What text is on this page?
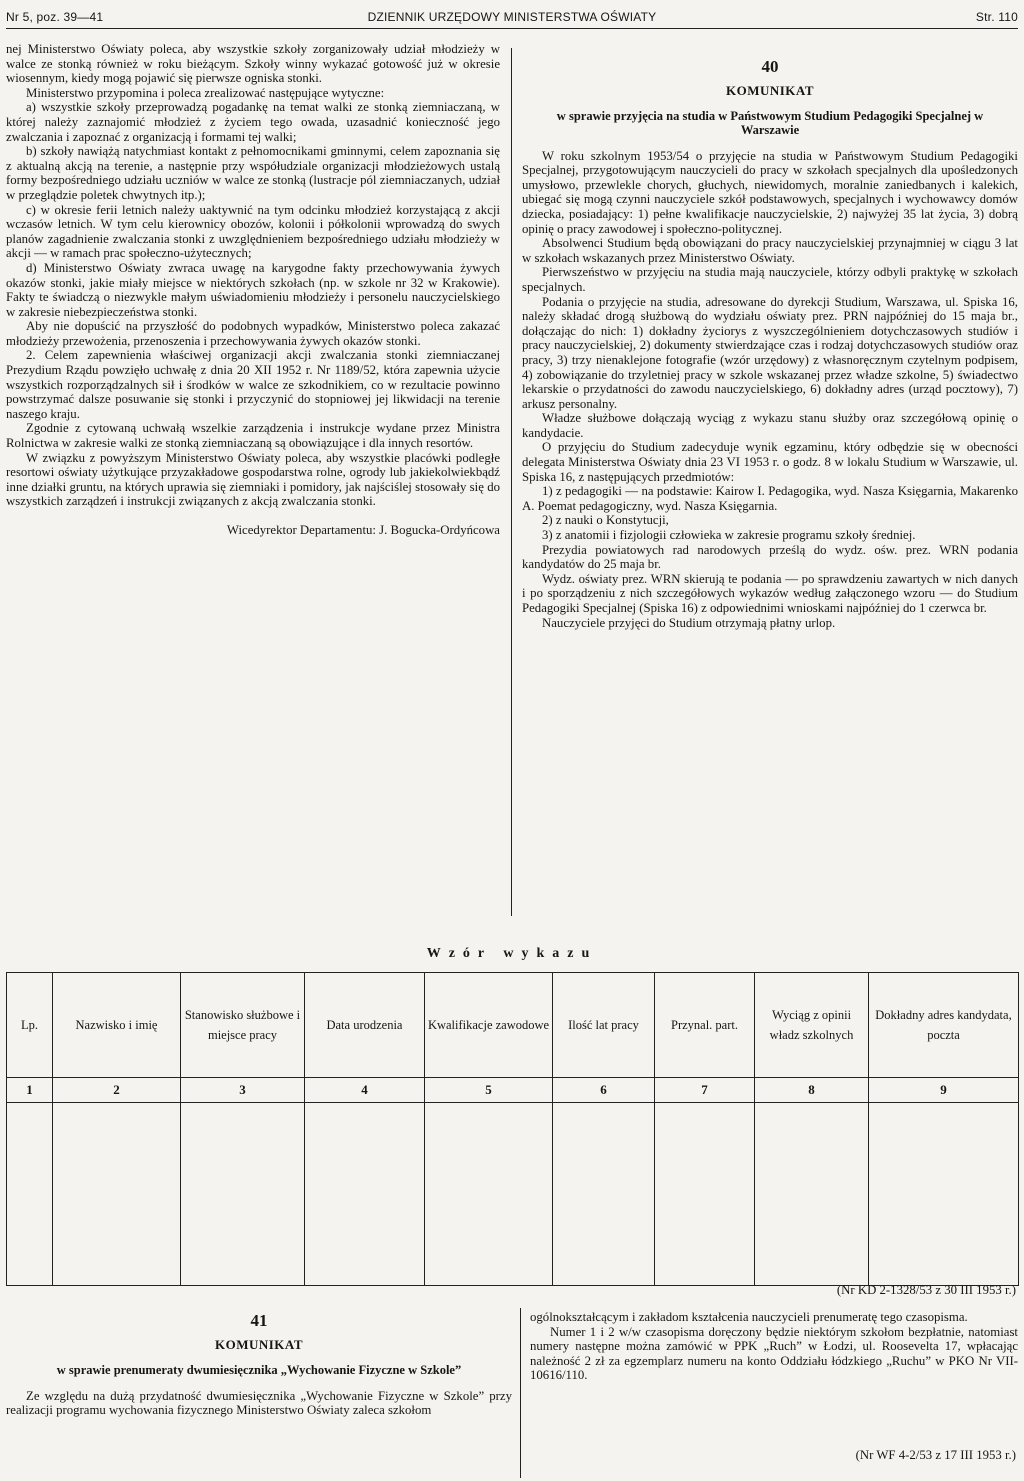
Nr 5, poz. 39—41	DZIENNIK URZĘDOWY MINISTERSTWA OŚWIATY	Str. 110

nej Ministerstwo Oświaty poleca, aby wszystkie szkoły zorganizowały udział młodzieży w walce ze stonką również w roku bieżącym. Szkoły winny wykazać gotowość już w okresie wiosennym, kiedy mogą pojawić się pierwsze ogniska stonki.

Ministerstwo przypomina i poleca zrealizować następujące wytyczne:

a) wszystkie szkoły przeprowadzą pogadankę na temat walki ze stonką ziemniaczaną, w której należy zaznajomić młodzież z życiem tego owada, uzasadnić konieczność jego zwalczania i zapoznać z organizacją i formami tej walki;

b) szkoły nawiążą natychmiast kontakt z pełnomocnikami gminnymi, celem zapoznania się z aktualną akcją na terenie, a następnie przy współudziale organizacji młodzieżowych ustalą formy bezpośredniego udziału uczniów w walce ze stonką (lustracje pól ziemniaczanych, udział w przeglądzie poletek chwytnych itp.);

c) w okresie ferii letnich należy uaktywnić na tym odcinku młodzież korzystającą z akcji wczasów letnich. W tym celu kierownicy obozów, kolonii i półkolonii wprowadzą do swych planów zagadnienie zwalczania stonki z uwzględnieniem bezpośredniego udziału młodzieży w akcji — w ramach prac społeczno-użytecznych;

d) Ministerstwo Oświaty zwraca uwagę na karygodne fakty przechowywania żywych okazów stonki, jakie miały miejsce w niektórych szkołach (np. w szkole nr 32 w Krakowie). Fakty te świadczą o niezwykle małym uświadomieniu młodzieży i personelu nauczycielskiego w zakresie niebezpieczeństwa stonki.

Aby nie dopuścić na przyszłość do podobnych wypadków, Ministerstwo poleca zakazać młodzieży przewożenia, przenoszenia i przechowywania żywych okazów stonki.

2. Celem zapewnienia właściwej organizacji akcji zwalczania stonki ziemniaczanej Prezydium Rządu powzięło uchwałę z dnia 20 XII 1952 r. Nr 1189/52, która zapewnia użycie wszystkich rozporządzalnych sił i środków w walce ze szkodnikiem, co w rezultacie powinno powstrzymać dalsze posuwanie się stonki i przyczynić do stopniowej jej likwidacji na terenie naszego kraju.

Zgodnie z cytowaną uchwałą wszelkie zarządzenia i instrukcje wydane przez Ministra Rolnictwa w zakresie walki ze stonką ziemniaczaną są obowiązujące i dla innych resortów.

W związku z powyższym Ministerstwo Oświaty poleca, aby wszystkie placówki podległe resortowi oświaty użytkujące przyzakładowe gospodarstwa rolne, ogrody lub jakiekolwiekbądź inne działki gruntu, na których uprawia się ziemniaki i pomidory, jak najściślej stosowały się do wszystkich zarządzeń i instrukcji związanych z akcją zwalczania stonki.

Wicedyrektor Departamentu: J. Bogucka-Ordyńcowa

40
KOMUNIKAT
w sprawie przyjęcia na studia w Państwowym Studium Pedagogiki Specjalnej w Warszawie

W roku szkolnym 1953/54 o przyjęcie na studia w Państwowym Studium Pedagogiki Specjalnej, przygotowującym nauczycieli do pracy w szkołach specjalnych dla upośledzonych umysłowo, przewlekle chorych, głuchych, niewidomych, moralnie zaniedbanych i kalekich, ubiegać się mogą czynni nauczyciele szkół podstawowych, specjalnych i wychowawcy domów dziecka, posiadający: 1) pełne kwalifikacje nauczycielskie, 2) najwyżej 35 lat życia, 3) dobrą opinię o pracy zawodowej i społeczno-politycznej.

Absolwenci Studium będą obowiązani do pracy nauczycielskiej przynajmniej w ciągu 3 lat w szkołach wskazanych przez Ministerstwo Oświaty.

Pierwszeństwo w przyjęciu na studia mają nauczyciele, którzy odbyli praktykę w szkołach specjalnych.

Podania o przyjęcie na studia, adresowane do dyrekcji Studium, Warszawa, ul. Spiska 16, należy składać drogą służbową do wydziału oświaty prez. PRN najpóźniej do 15 maja br., dołączając do nich: 1) dokładny życiorys z wyszczególnieniem dotychczasowych studiów i pracy nauczycielskiej, 2) dokumenty stwierdzające czas i rodzaj dotychczasowych studiów oraz pracy, 3) trzy nienaklejone fotografie (wzór urzędowy) z własnoręcznym czytelnym podpisem, 4) zobowiązanie do trzyletniej pracy w szkole wskazanej przez władze szkolne, 5) świadectwo lekarskie o przydatności do zawodu nauczycielskiego, 6) dokładny adres (urząd pocztowy), 7) arkusz personalny.

Władze służbowe dołączają wyciąg z wykazu stanu służby oraz szczegółową opinię o kandydacie.

O przyjęciu do Studium zadecyduje wynik egzaminu, który odbędzie się w obecności delegata Ministerstwa Oświaty dnia 23 VI 1953 r. o godz. 8 w lokalu Studium w Warszawie, ul. Spiska 16, z następujących przedmiotów:

1) z pedagogiki — na podstawie: Kairow I. Pedagogika, wyd. Nasza Księgarnia, Makarenko A. Poemat pedagogiczny, wyd. Nasza Księgarnia.

2) z nauki o Konstytucji,

3) z anatomii i fizjologii człowieka w zakresie programu szkoły średniej.

Prezydia powiatowych rad narodowych prześlą do wydz. ośw. prez. WRN podania kandydatów do 25 maja br.

Wydz. oświaty prez. WRN skierują te podania — po sprawdzeniu zawartych w nich danych i po sporządzeniu z nich szczegółowych wykazów według załączonego wzoru — do Studium Pedagogiki Specjalnej (Spiska 16) z odpowiednimi wnioskami najpóźniej do 1 czerwca br.

Nauczyciele przyjęci do Studium otrzymają płatny urlop.

Wzór wykazu
Lp.	Nazwisko i imię	Stanowisko służbowe i miejsce pracy	Data urodzenia	Kwalifikacje zawodowe	Ilość lat pracy	Przynal. part.	Wyciąg z opinii władz szkolnych	Dokładny adres kandydata, poczta
1	2	3	4	5	6	7	8	9

(Nr KD 2-1328/53 z 30 III 1953 r.)
41
KOMUNIKAT
w sprawie prenumeraty dwumiesięcznika „Wychowanie Fizyczne w Szkole”

Ze względu na dużą przydatność dwumiesięcznika „Wychowanie Fizyczne w Szkole” przy realizacji programu wychowania fizycznego Ministerstwo Oświaty zaleca szkołom

ogólnokształcącym i zakładom kształcenia nauczycieli prenumeratę tego czasopisma.

Numer 1 i 2 w/w czasopisma doręczony będzie niektórym szkołom bezpłatnie, natomiast numery następne można zamówić w PPK „Ruch” w Łodzi, ul. Roosevelta 17, wpłacając należność 2 zł za egzemplarz numeru na konto Oddziału łódzkiego „Ruchu” w PKO Nr VII-10616/110.

(Nr WF 4-2/53 z 17 III 1953 r.)
